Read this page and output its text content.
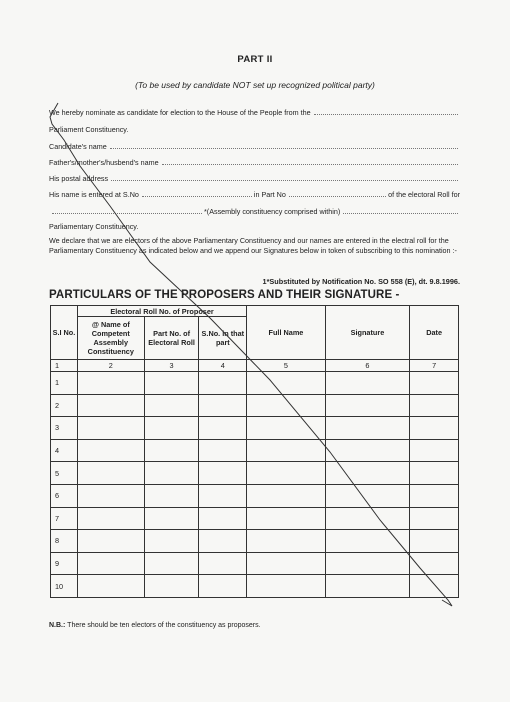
PART II
(To be used by candidate NOT set up recognized political party)
We hereby nominate as candidate for election to the House of the People from the
Parliament Constituency.
Candidate's name
Father's/mother's/husbend's name
His postal address
His name is entered at S.No	in Part No	of the electoral Roll for
*(Assembly constituency comprised within)
Parliamentary Constituency.
We declare that we are electors of the above Parliamentary Constituency and our names are entered in the electral roll for the Parliamentary Constituency as indicated below and we append our Signatures below in token of subscribing to this nomination :-
1*Substituted by Notification No. SO 558 (E), dt. 9.8.1996.
PARTICULARS OF THE PROPOSERS AND THEIR SIGNATURE -
S.I No.	Electoral Roll No. of Proposer			Full Name	Signature	Date
	@ Name of Competent Assembly Constituency	Part No. of Electoral Roll	S.No. in that part			
1	2	3	4	5	6	7
1						
2						
3						
4						
5						
6						
7						
8						
9						
10						
N.B.: There should be ten electors of the constituency as proposers.
